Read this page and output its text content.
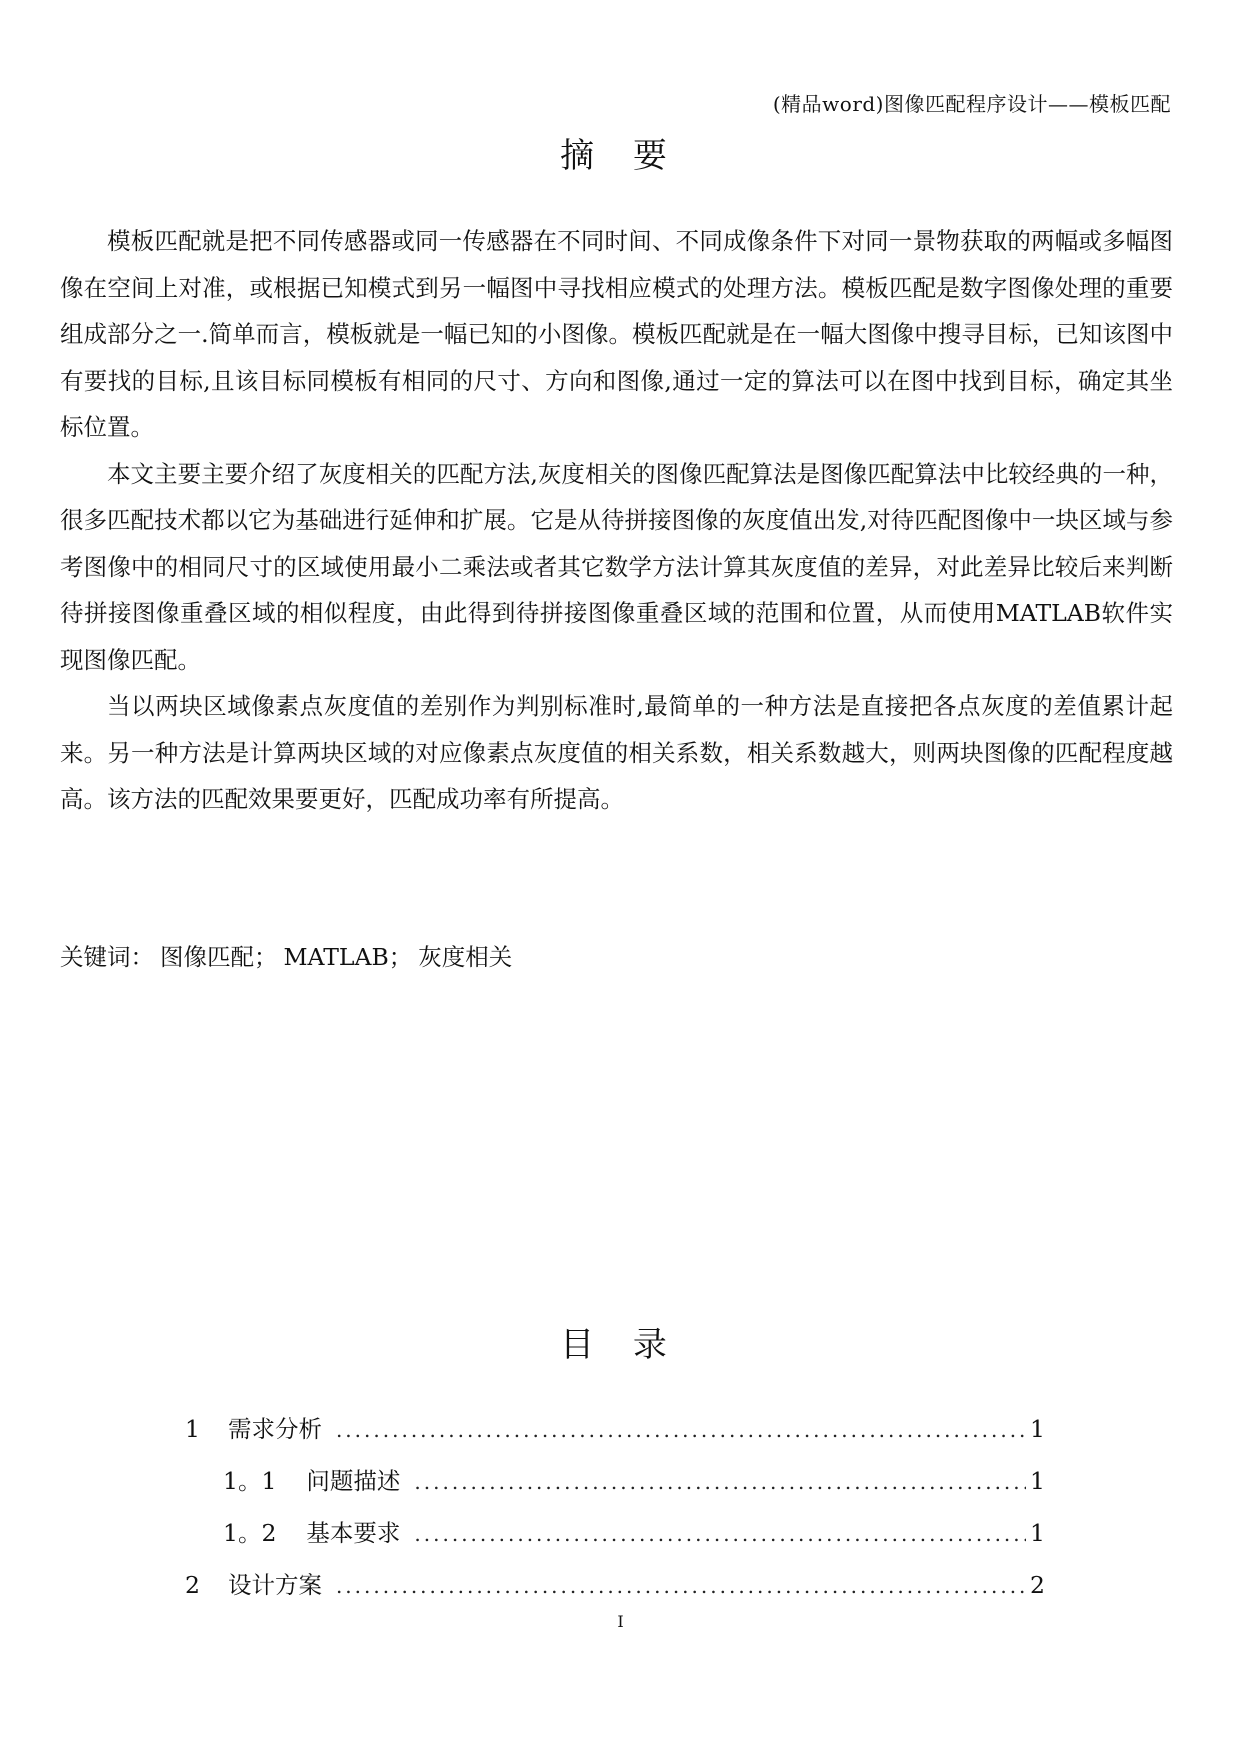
(精品word)图像匹配程序设计——模板匹配
摘 要

模板匹配就是把不同传感器或同一传感器在不同时间、不同成像条件下对同一景物获取的两幅或多幅图像在空间上对准，或根据已知模式到另一幅图中寻找相应模式的处理方法。模板匹配是数字图像处理的重要组成部分之一.简单而言，模板就是一幅已知的小图像。模板匹配就是在一幅大图像中搜寻目标，已知该图中有要找的目标,且该目标同模板有相同的尺寸、方向和图像,通过一定的算法可以在图中找到目标，确定其坐标位置。

本文主要主要介绍了灰度相关的匹配方法,灰度相关的图像匹配算法是图像匹配算法中比较经典的一种，很多匹配技术都以它为基础进行延伸和扩展。它是从待拼接图像的灰度值出发,对待匹配图像中一块区域与参考图像中的相同尺寸的区域使用最小二乘法或者其它数学方法计算其灰度值的差异，对此差异比较后来判断待拼接图像重叠区域的相似程度，由此得到待拼接图像重叠区域的范围和位置，从而使用MATLAB软件实现图像匹配。

当以两块区域像素点灰度值的差别作为判别标准时,最简单的一种方法是直接把各点灰度的差值累计起来。另一种方法是计算两块区域的对应像素点灰度值的相关系数，相关系数越大，则两块图像的匹配程度越高。该方法的匹配效果要更好，匹配成功率有所提高。

关键词： 图像匹配； MATLAB； 灰度相关
目 录
1 需求分析 .....	1
1。1 问题描述 .....	1
1。2 基本要求 .....	1
2 设计方案 .....	2
I
